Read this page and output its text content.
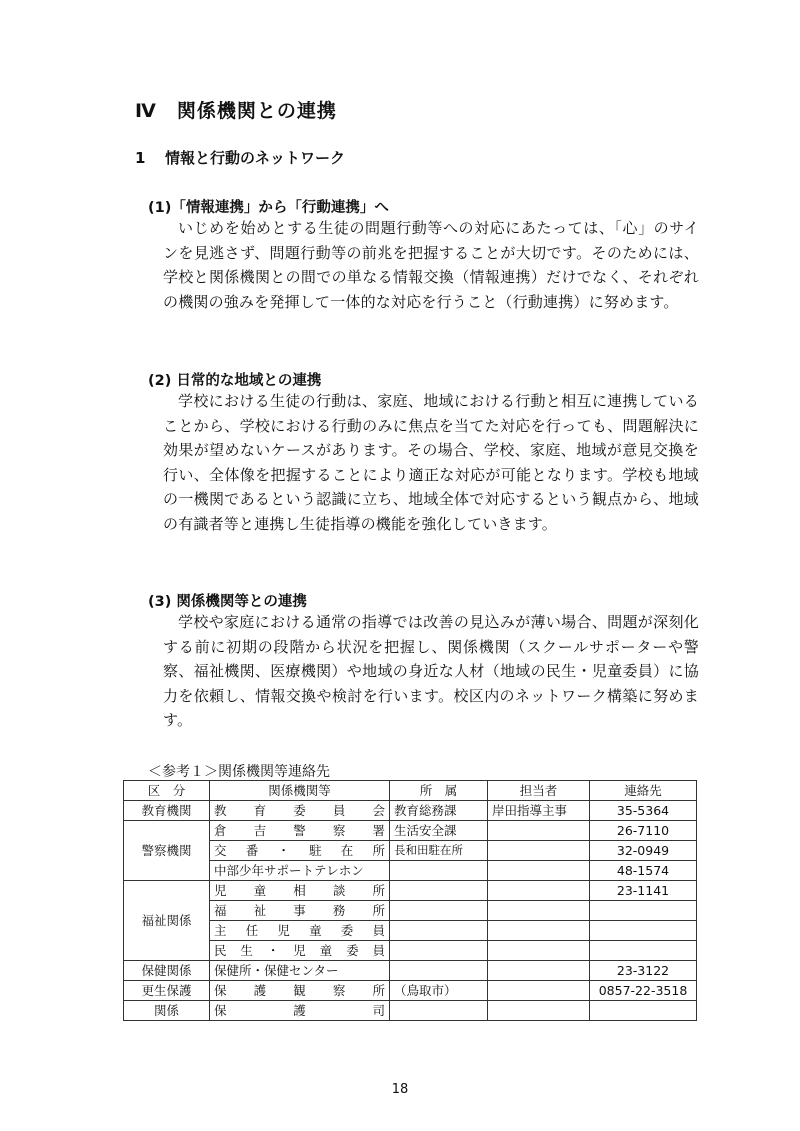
Ⅳ　関係機関との連携
1 情報と行動のネットワーク
(1)「情報連携」から「行動連携」へ
いじめを始めとする生徒の問題行動等への対応にあたっては、「心」のサインを見逃さず、問題行動等の前兆を把握することが大切です。そのためには、学校と関係機関との間での単なる情報交換（情報連携）だけでなく、それぞれの機関の強みを発揮して一体的な対応を行うこと（行動連携）に努めます。
(2) 日常的な地域との連携
学校における生徒の行動は、家庭、地域における行動と相互に連携していることから、学校における行動のみに焦点を当てた対応を行っても、問題解決に効果が望めないケースがあります。その場合、学校、家庭、地域が意見交換を行い、全体像を把握することにより適正な対応が可能となります。学校も地域の一機関であるという認識に立ち、地域全体で対応するという観点から、地域の有識者等と連携し生徒指導の機能を強化していきます。
(3) 関係機関等との連携
学校や家庭における通常の指導では改善の見込みが薄い場合、問題が深刻化する前に初期の段階から状況を把握し、関係機関（スクールサポーターや警察、福祉機関、医療機関）や地域の身近な人材（地域の民生・児童委員）に協力を依頼し、情報交換や検討を行います。校区内のネットワーク構築に努めます。
＜参考１＞関係機関等連絡先
区　分	関係機関等	所　属	担当者	連絡先
教育機関	教育委員会	教育総務課	岸田指導主事	35-5364
警察機関	倉吉警察署	生活安全課		26-7110
	交番・駐在所	長和田駐在所		32-0949
	中部少年サポートテレホン			48-1574
福祉関係	児童相談所			23-1141
	福祉事務所			
	主任児童委員			
	民生・児童委員			
保健関係	保健所・保健センター			23-3122
更生保護	保護観察所	（鳥取市）		0857-22-3518
関係	保護司			
18
